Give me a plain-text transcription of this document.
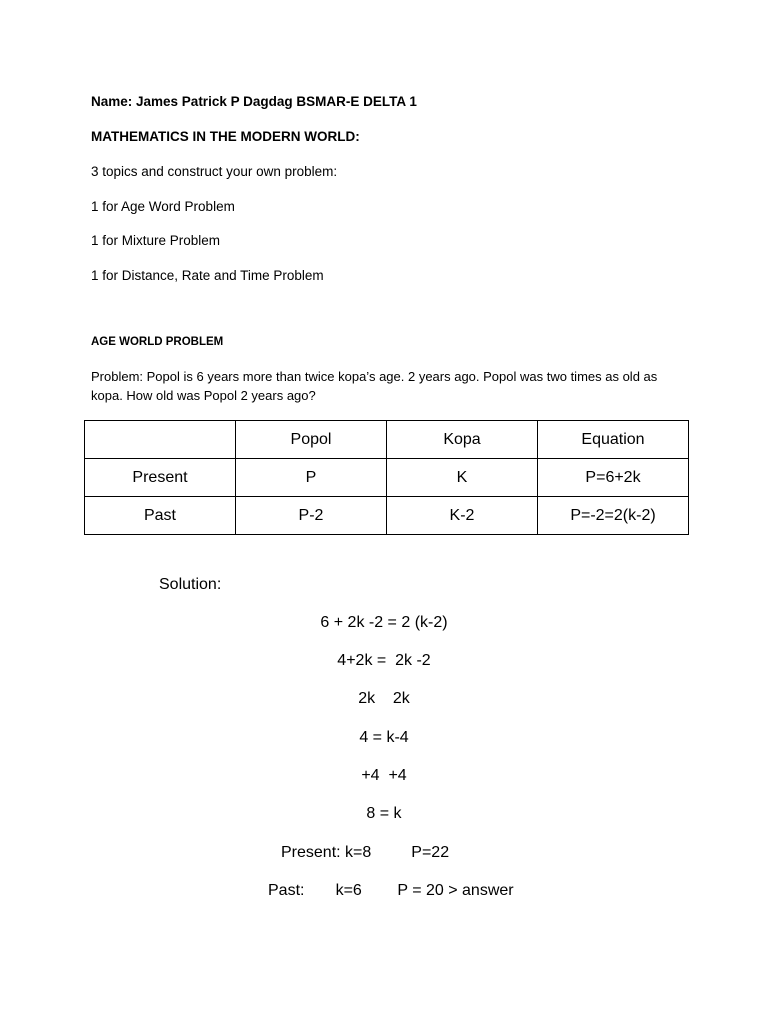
Name: James Patrick P Dagdag BSMAR-E DELTA 1
MATHEMATICS IN THE MODERN WORLD:
3 topics and construct your own problem:
1 for Age Word Problem
1 for Mixture Problem
1 for Distance, Rate and Time Problem
AGE WORLD PROBLEM
Problem: Popol is 6 years more than twice kopa’s age. 2 years ago. Popol was two times as old as kopa. How old was Popol 2 years ago?
	Popol	Kopa	Equation
Present	P	K	P=6+2k
Past	P-2	K-2	P=-2=2(k-2)
Solution:
6 + 2k -2 = 2 (k-2)
4+2k =  2k -2
2k    2k
4 = k-4
+4  +4
8 = k
Present: k=8         P=22
Past:       k=6        P = 20 > answer
